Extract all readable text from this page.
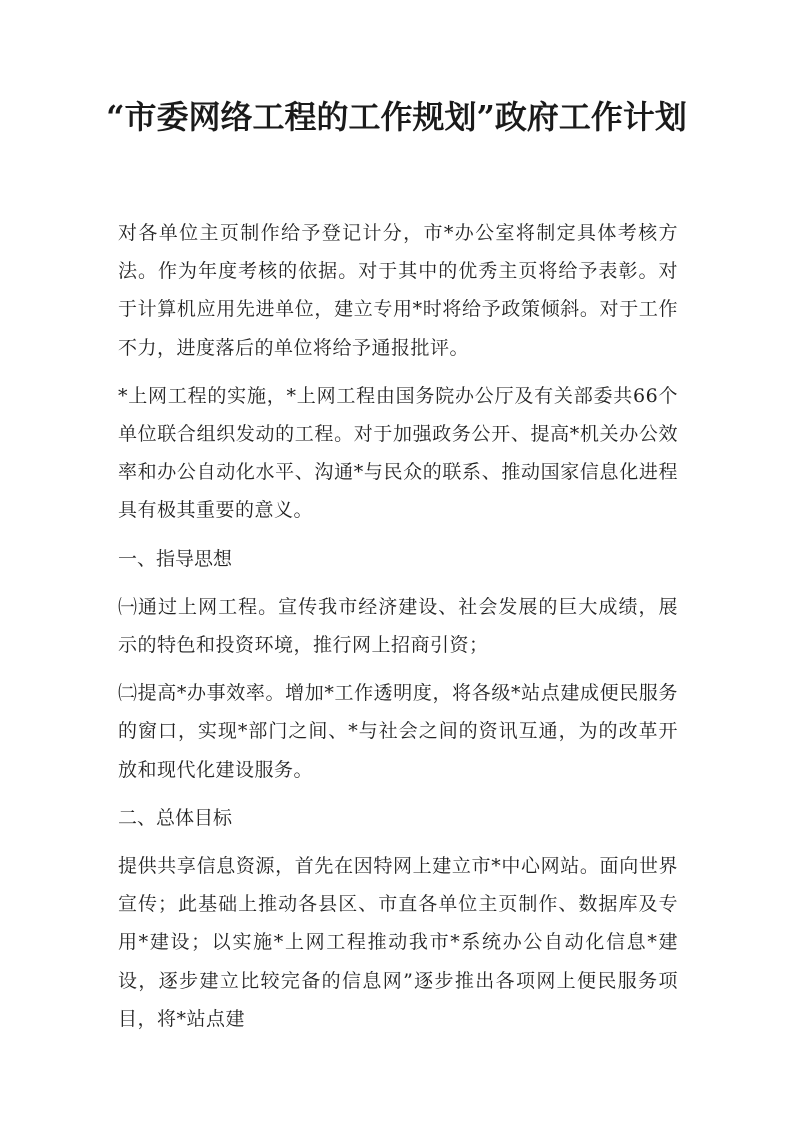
“市委网络工程的工作规划”政府工作计划

对各单位主页制作给予登记计分，市*办公室将制定具体考核方法。作为年度考核的依据。对于其中的优秀主页将给予表彰。对于计算机应用先进单位，建立专用*时将给予政策倾斜。对于工作不力，进度落后的单位将给予通报批评。

*上网工程的实施，*上网工程由国务院办公厅及有关部委共66个单位联合组织发动的工程。对于加强政务公开、提高*机关办公效率和办公自动化水平、沟通*与民众的联系、推动国家信息化进程具有极其重要的意义。

一、指导思想

㈠通过上网工程。宣传我市经济建设、社会发展的巨大成绩，展示的特色和投资环境，推行网上招商引资；

㈡提高*办事效率。增加*工作透明度，将各级*站点建成便民服务的窗口，实现*部门之间、*与社会之间的资讯互通，为的改革开放和现代化建设服务。

二、总体目标

提供共享信息资源，首先在因特网上建立市*中心网站。面向世界宣传；此基础上推动各县区、市直各单位主页制作、数据库及专用*建设；以实施*上网工程推动我市*系统办公自动化信息*建设，逐步建立比较完备的信息网”逐步推出各项网上便民服务项目，将*站点建
